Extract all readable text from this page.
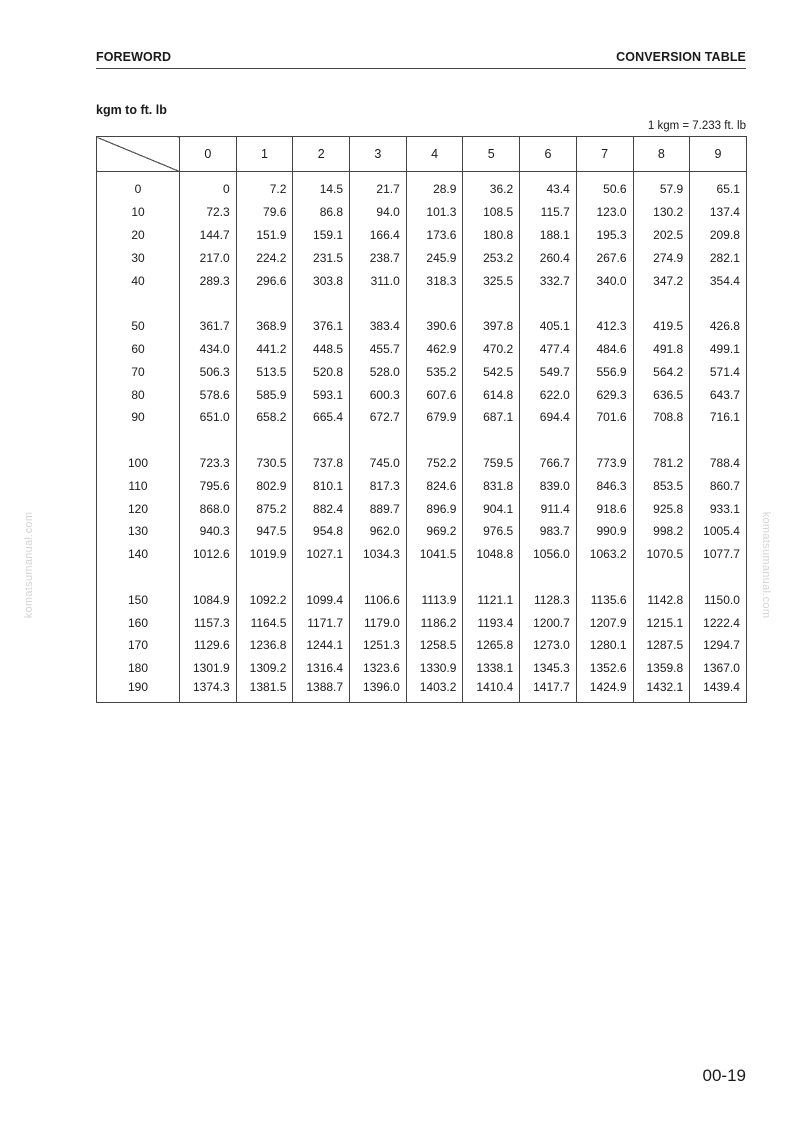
FOREWORD	CONVERSION TABLE
kgm to ft. lb
1 kgm = 7.233 ft. lb
komatsumanual.com	komatsumanual.com
	0	1	2	3	4	5	6	7	8	9
0	0	7.2	14.5	21.7	28.9	36.2	43.4	50.6	57.9	65.1
10	72.3	79.6	86.8	94.0	101.3	108.5	115.7	123.0	130.2	137.4
20	144.7	151.9	159.1	166.4	173.6	180.8	188.1	195.3	202.5	209.8
30	217.0	224.2	231.5	238.7	245.9	253.2	260.4	267.6	274.9	282.1
40	289.3	296.6	303.8	311.0	318.3	325.5	332.7	340.0	347.2	354.4

50	361.7	368.9	376.1	383.4	390.6	397.8	405.1	412.3	419.5	426.8
60	434.0	441.2	448.5	455.7	462.9	470.2	477.4	484.6	491.8	499.1
70	506.3	513.5	520.8	528.0	535.2	542.5	549.7	556.9	564.2	571.4
80	578.6	585.9	593.1	600.3	607.6	614.8	622.0	629.3	636.5	643.7
90	651.0	658.2	665.4	672.7	679.9	687.1	694.4	701.6	708.8	716.1

100	723.3	730.5	737.8	745.0	752.2	759.5	766.7	773.9	781.2	788.4
110	795.6	802.9	810.1	817.3	824.6	831.8	839.0	846.3	853.5	860.7
120	868.0	875.2	882.4	889.7	896.9	904.1	911.4	918.6	925.8	933.1
130	940.3	947.5	954.8	962.0	969.2	976.5	983.7	990.9	998.2	1005.4
140	1012.6	1019.9	1027.1	1034.3	1041.5	1048.8	1056.0	1063.2	1070.5	1077.7

150	1084.9	1092.2	1099.4	1106.6	1113.9	1121.1	1128.3	1135.6	1142.8	1150.0
160	1157.3	1164.5	1171.7	1179.0	1186.2	1193.4	1200.7	1207.9	1215.1	1222.4
170	1129.6	1236.8	1244.1	1251.3	1258.5	1265.8	1273.0	1280.1	1287.5	1294.7
180	1301.9	1309.2	1316.4	1323.6	1330.9	1338.1	1345.3	1352.6	1359.8	1367.0
190	1374.3	1381.5	1388.7	1396.0	1403.2	1410.4	1417.7	1424.9	1432.1	1439.4
00-19
